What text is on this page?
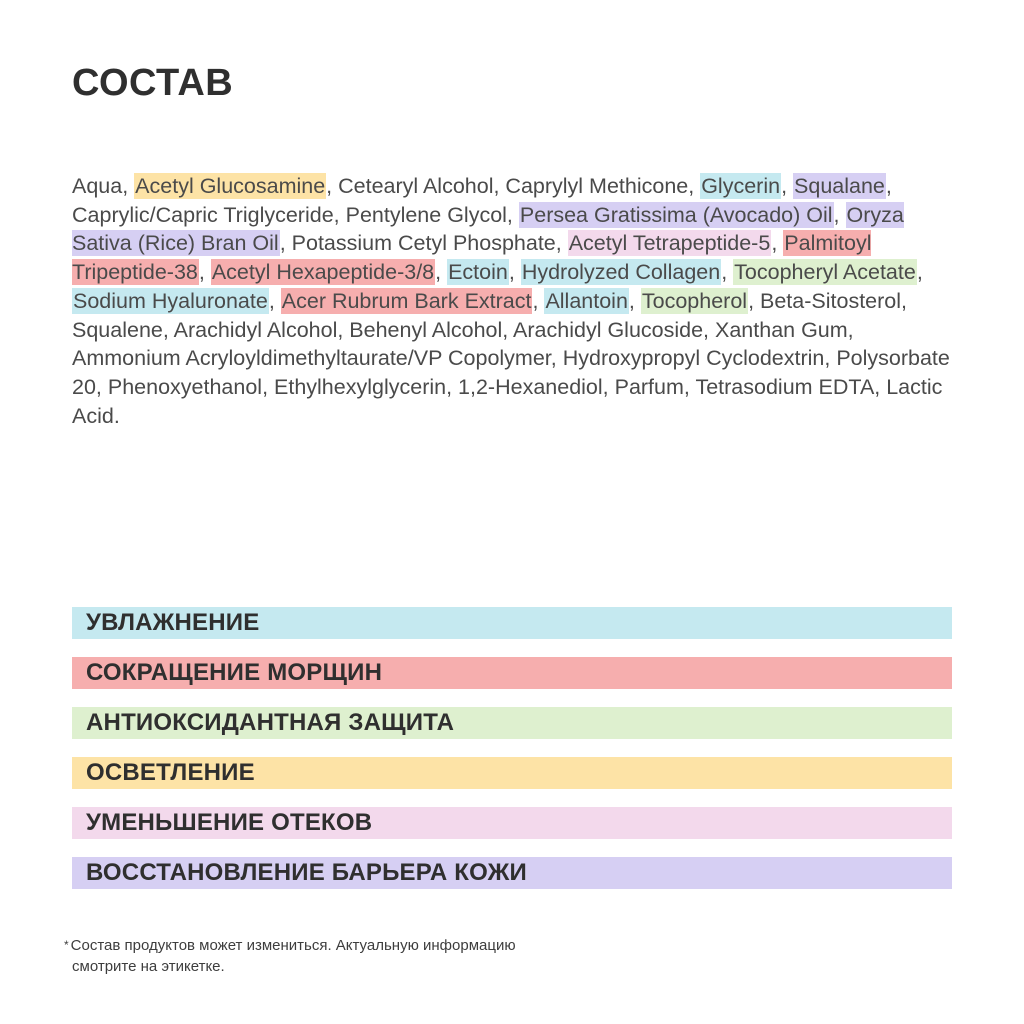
СОСТАВ

Aqua, Acetyl Glucosamine, Cetearyl Alcohol, Caprylyl Methicone, Glycerin, Squalane, Caprylic/Capric Triglyceride, Pentylene Glycol, Persea Gratissima (Avocado) Oil, Oryza Sativa (Rice) Bran Oil, Potassium Cetyl Phosphate, Acetyl Tetrapeptide-5, Palmitoyl Tripeptide-38, Acetyl Hexapeptide-3/8, Ectoin, Hydrolyzed Collagen, Tocopheryl Acetate, Sodium Hyaluronate, Acer Rubrum Bark Extract, Allantoin, Tocopherol, Beta-Sitosterol, Squalene, Arachidyl Alcohol, Behenyl Alcohol, Arachidyl Glucoside, Xanthan Gum, Ammonium Acryloyldimethyltaurate/VP Copolymer, Hydroxypropyl Cyclodextrin, Polysorbate 20, Phenoxyethanol, Ethylhexylglycerin, 1,2-Hexanediol, Parfum, Tetrasodium EDTA, Lactic Acid.

УВЛАЖНЕНИЕ
СОКРАЩЕНИЕ МОРЩИН
АНТИОКСИДАНТНАЯ ЗАЩИТА
ОСВЕТЛЕНИЕ
УМЕНЬШЕНИЕ ОТЕКОВ
ВОССТАНОВЛЕНИЕ БАРЬЕРА КОЖИ
* Состав продуктов может измениться. Актуальную информацию
смотрите на этикетке.
